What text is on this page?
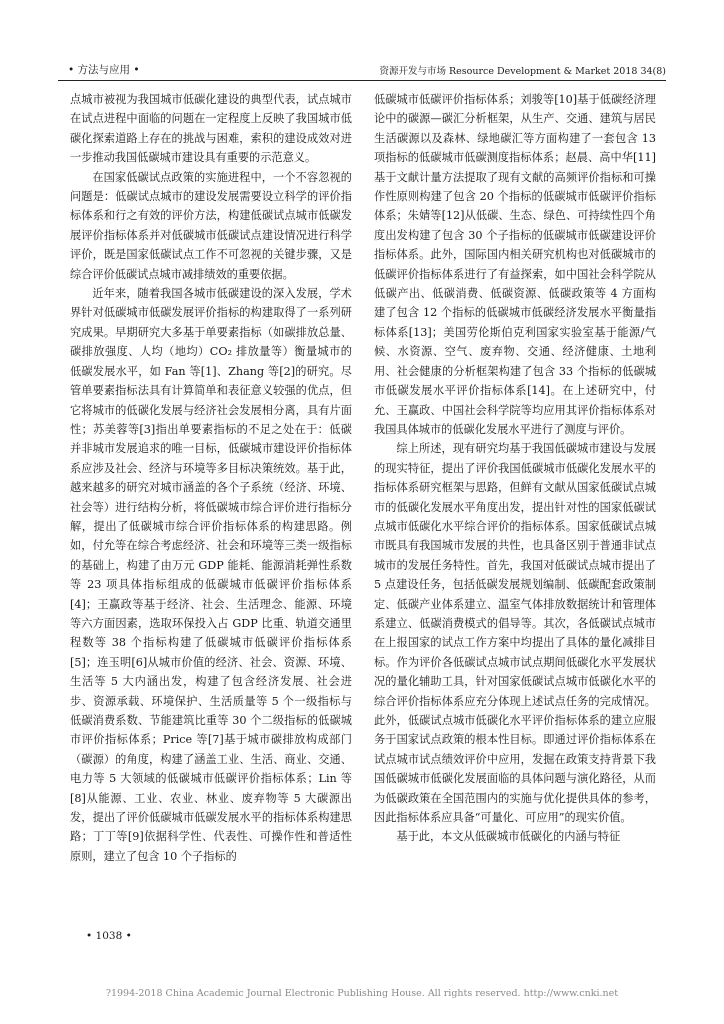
• 方法与应用 •	资源开发与市场 Resource Development & Market 2018 34(8)

点城市被视为我国城市低碳化建设的典型代表，试点城市在试点进程中面临的问题在一定程度上反映了我国城市低碳化探索道路上存在的挑战与困难，索积的建设成效对进一步推动我国低碳城市建设具有重要的示范意义。

在国家低碳试点政策的实施进程中，一个不容忽视的问题是：低碳试点城市的建设发展需要设立科学的评价指标体系和行之有效的评价方法，构建低碳试点城市低碳发展评价指标体系并对低碳城市低碳试点建设情况进行科学评价，既是国家低碳试点工作不可忽视的关键步骤，又是综合评价低碳试点城市减排绩效的重要依据。

近年来，随着我国各城市低碳建设的深入发展，学术界针对低碳城市低碳发展评价指标的构建取得了一系列研究成果。早期研究大多基于单要素指标（如碳排放总量、碳排放强度、人均（地均）CO₂ 排放量等）衡量城市的低碳发展水平，如 Fan 等[1]、Zhang 等[2]的研究。尽管单要素指标法具有计算简单和表征意义较强的优点，但它将城市的低碳化发展与经济社会发展相分离，具有片面性；苏美蓉等[3]指出单要素指标的不足之处在于：低碳并非城市发展追求的唯一目标，低碳城市建设评价指标体系应涉及社会、经济与环境等多目标决策统效。基于此，越来越多的研究对城市涵盖的各个子系统（经济、环境、社会等）进行结构分析，将低碳城市综合评价进行指标分解，提出了低碳城市综合评价指标体系的构建思路。例如，付允等在综合考虑经济、社会和环境等三类一级指标的基础上，构建了由万元 GDP 能耗、能源消耗弹性系数等 23 项具体指标组成的低碳城市低碳评价指标体系[4]；王赢政等基于经济、社会、生活理念、能源、环境等六方面因素，选取环保投入占 GDP 比重、轨道交通里程数等 38 个指标构建了低碳城市低碳评价指标体系[5]；连玉明[6]从城市价值的经济、社会、资源、环境、生活等 5 大内涵出发，构建了包含经济发展、社会进步、资源承载、环境保护、生活质量等 5 个一级指标与低碳消费系数、节能建筑比重等 30 个二级指标的低碳城市评价指标体系；Price 等[7]基于城市碳排放构成部门（碳源）的角度，构建了涵盖工业、生活、商业、交通、电力等 5 大领域的低碳城市低碳评价指标体系；Lin 等[8]从能源、工业、农业、林业、废弃物等 5 大碳源出发，提出了评价低碳城市低碳发展水平的指标体系构建思路；丁丁等[9]依据科学性、代表性、可操作性和普适性原则，建立了包含 10 个子指标的

低碳城市低碳评价指标体系；刘骏等[10]基于低碳经济理论中的碳源—碳汇分析框架，从生产、交通、建筑与居民生活碳源以及森林、绿地碳汇等方面构建了一套包含 13 项指标的低碳城市低碳测度指标体系；赵晨、高中华[11]基于文献计量方法提取了现有文献的高频评价指标和可操作性原则构建了包含 20 个指标的低碳城市低碳评价指标体系；朱婧等[12]从低碳、生态、绿色、可持续性四个角度出发构建了包含 30 个子指标的低碳城市低碳建设评价指标体系。此外，国际国内相关研究机构也对低碳城市的低碳评价指标体系进行了有益探索，如中国社会科学院从低碳产出、低碳消费、低碳资源、低碳政策等 4 方面构建了包含 12 个指标的低碳城市低碳经济发展水平衡量指标体系[13]；美国劳伦斯伯克利国家实验室基于能源/气候、水资源、空气、废弃物、交通、经济健康、土地利用、社会健康的分析框架构建了包含 33 个指标的低碳城市低碳发展水平评价指标体系[14]。在上述研究中，付允、王赢政、中国社会科学院等均应用其评价指标体系对我国具体城市的低碳化发展水平进行了测度与评价。

综上所述，现有研究均基于我国低碳城市建设与发展的现实特征，提出了评价我国低碳城市低碳化发展水平的指标体系研究框架与思路，但鲜有文献从国家低碳试点城市的低碳化发展水平角度出发，提出针对性的国家低碳试点城市低碳化水平综合评价的指标体系。国家低碳试点城市既具有我国城市发展的共性，也具备区别于普通非试点城市的发展任务特性。首先，我国对低碳试点城市提出了 5 点建设任务，包括低碳发展规划编制、低碳配套政策制定、低碳产业体系建立、温室气体排放数据统计和管理体系建立、低碳消费模式的倡导等。其次，各低碳试点城市在上报国家的试点工作方案中均提出了具体的量化减排目标。作为评价各低碳试点城市试点期间低碳化水平发展状况的量化辅助工具，针对国家低碳试点城市低碳化水平的综合评价指标体系应充分体现上述试点任务的完成情况。此外，低碳试点城市低碳化水平评价指标体系的建立应服务于国家试点政策的根本性目标。即通过评价指标体系在试点城市试点绩效评价中应用，发掘在政策支持背景下我国低碳城市低碳化发展面临的具体问题与演化路径，从而为低碳政策在全国范围内的实施与优化提供具体的参考，因此指标体系应具备“可量化、可应用”的现实价值。

基于此，本文从低碳城市低碳化的内涵与特征

• 1038 •
?1994-2018 China Academic Journal Electronic Publishing House. All rights reserved. http://www.cnki.net
